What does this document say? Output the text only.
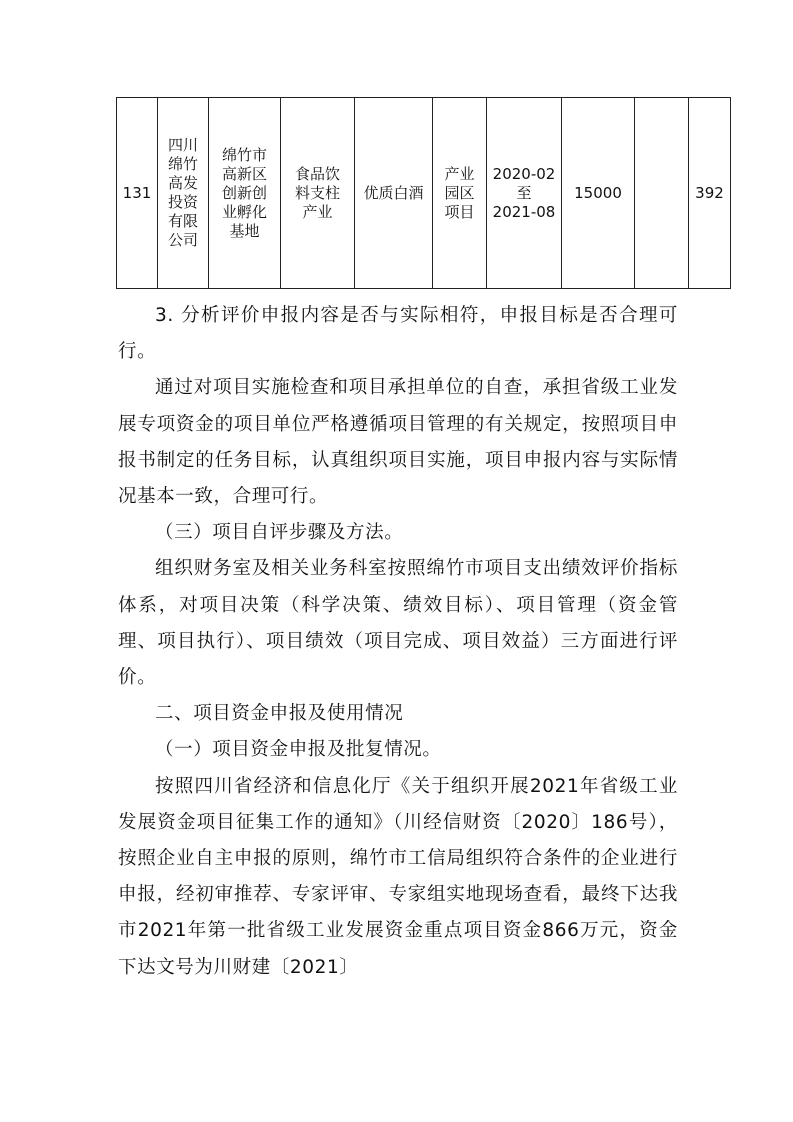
131	四川
绵竹
高发
投资
有限
公司	绵竹市
高新区
创新创
业孵化
基地	食品饮
料支柱
产业	优质白酒	产业
园区
项目	2020-02
至
2021-08	15000		392

3. 分析评价申报内容是否与实际相符，申报目标是否合理可行。

通过对项目实施检查和项目承担单位的自查，承担省级工业发展专项资金的项目单位严格遵循项目管理的有关规定，按照项目申报书制定的任务目标，认真组织项目实施，项目申报内容与实际情况基本一致，合理可行。

（三）项目自评步骤及方法。

组织财务室及相关业务科室按照绵竹市项目支出绩效评价指标体系，对项目决策（科学决策、绩效目标）、项目管理（资金管理、项目执行）、项目绩效（项目完成、项目效益）三方面进行评价。

二、项目资金申报及使用情况

（一）项目资金申报及批复情况。

按照四川省经济和信息化厅《关于组织开展2021年省级工业发展资金项目征集工作的通知》（川经信财资〔2020〕186号），按照企业自主申报的原则，绵竹市工信局组织符合条件的企业进行申报，经初审推荐、专家评审、专家组实地现场查看，最终下达我市2021年第一批省级工业发展资金重点项目资金866万元，资金下达文号为川财建〔2021〕
